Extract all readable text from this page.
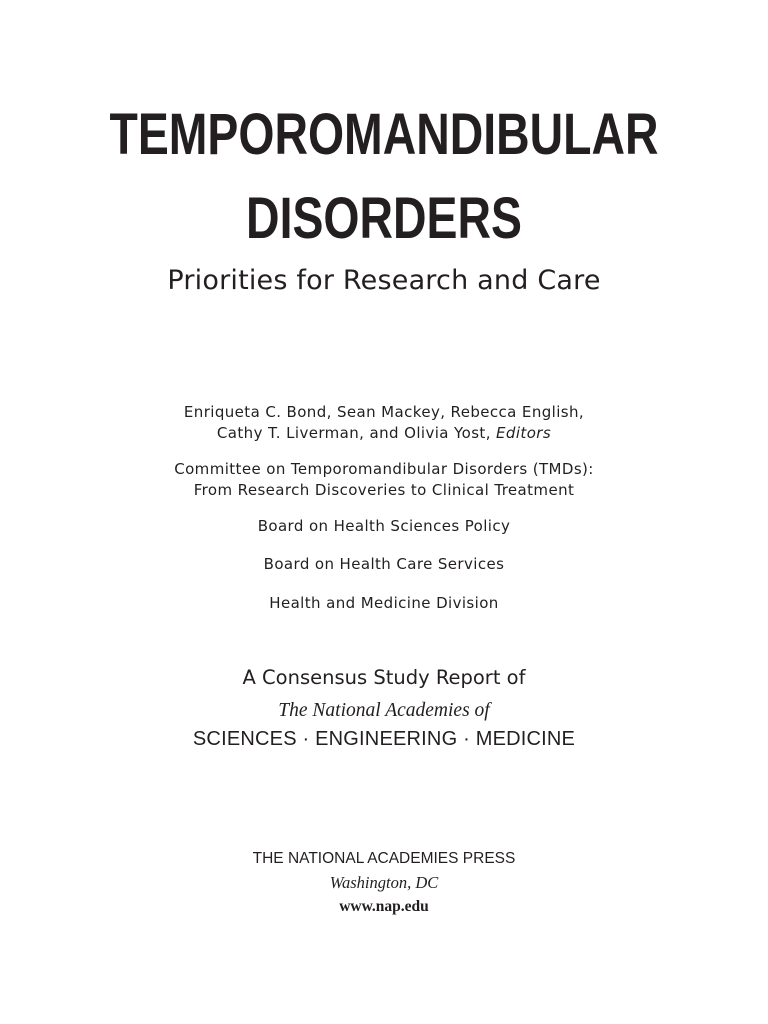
TEMPOROMANDIBULAR
DISORDERS
Priorities for Research and Care
Enriqueta C. Bond, Sean Mackey, Rebecca English,
Cathy T. Liverman, and Olivia Yost, Editors
Committee on Temporomandibular Disorders (TMDs):
From Research Discoveries to Clinical Treatment
Board on Health Sciences Policy
Board on Health Care Services
Health and Medicine Division
A Consensus Study Report of
The National Academies of
SCIENCES · ENGINEERING · MEDICINE
THE NATIONAL ACADEMIES PRESS
Washington, DC
www.nap.edu
